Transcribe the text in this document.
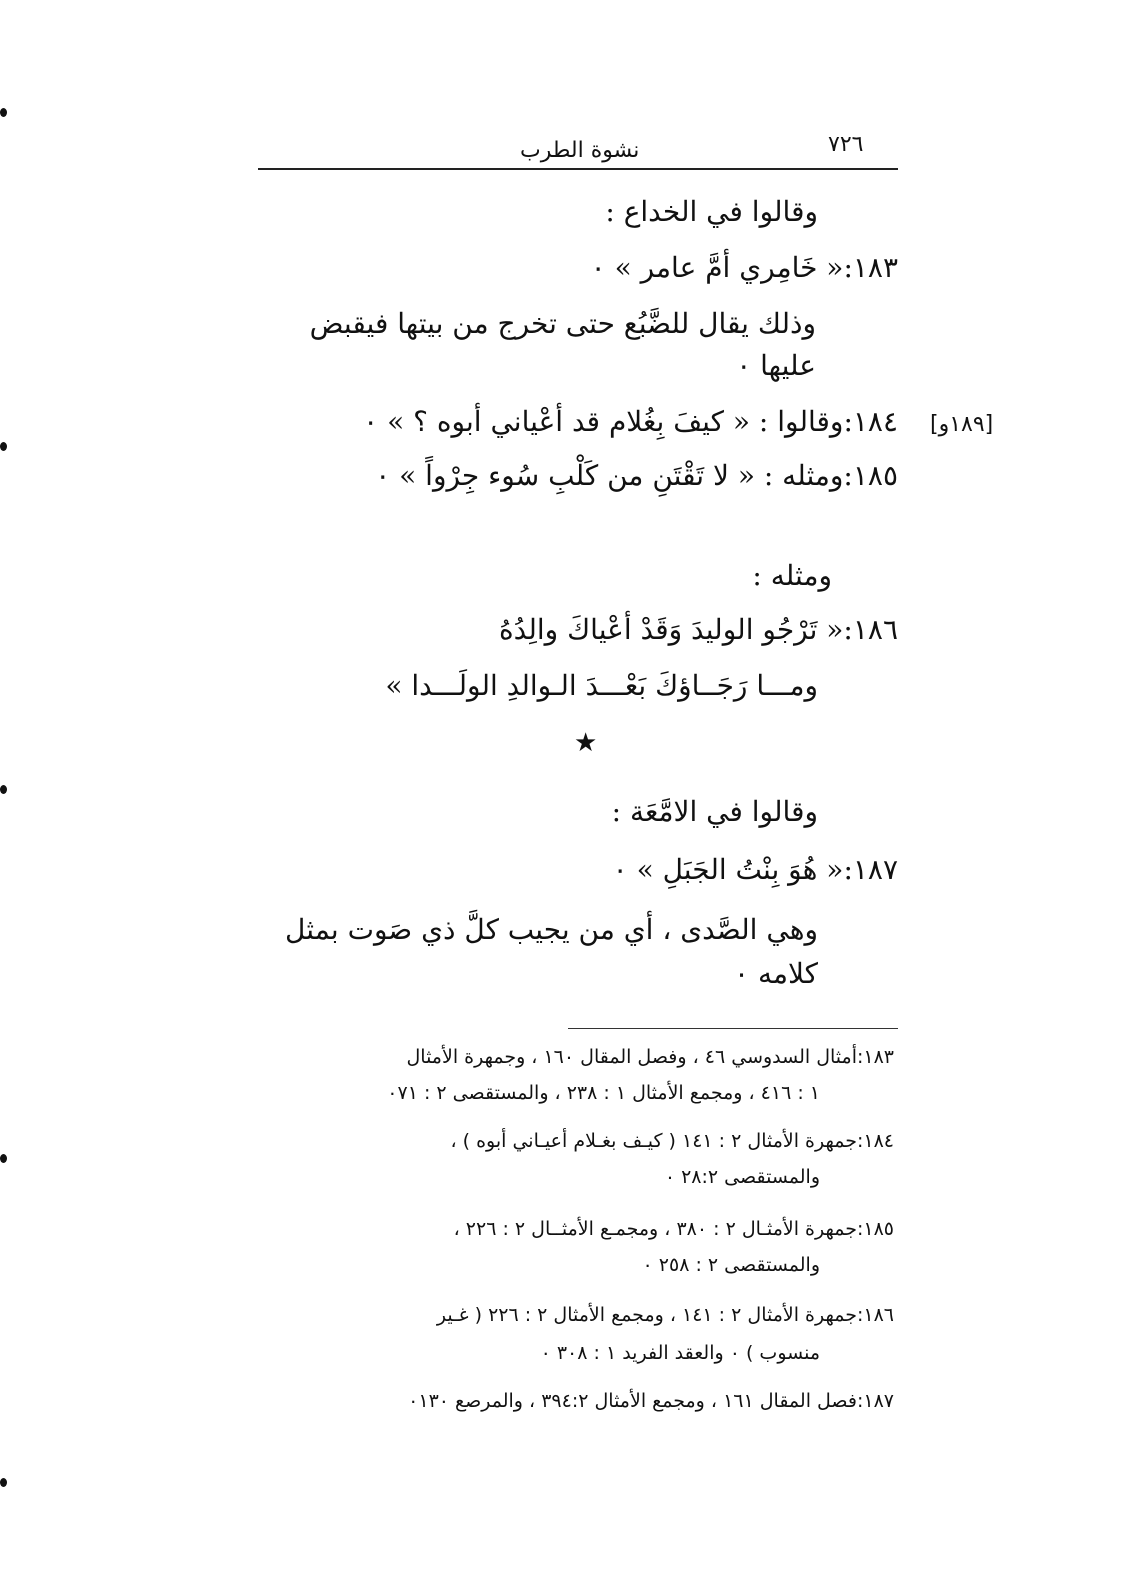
٧٢٦
نشوة الطرب
[١٨٩و]
وقالوا في الخداع :
١٨٣:« خَامِري أمَّ عامر » ٠
وذلك يقال للضَّبُع حتى تخرج من بيتها فيقبض
عليها ٠
١٨٤:وقالوا : « كيفَ بِغُلام قد أعْياني أبوه ؟ » ٠
١٨٥:ومثله : « لا تَقْتَنِ من كَلْبِ سُوء جِرْواً » ٠
ومثله :
١٨٦:« تَرْجُو الوليدَ وَقَدْ أعْياكَ والِدُهُ
ومـــا رَجَــاؤكَ بَعْـــدَ الـوالدِ الولَـــدا »
★
وقالوا في الامَّعَة :
١٨٧:« هُوَ بِنْتُ الجَبَلِ » ٠
وهي الصَّدى ، أي من يجيب كلَّ ذي صَوت بمثل
كلامه ٠
١٨٣:أمثال السدوسي ٤٦ ، وفصل المقال ١٦٠ ، وجمهرة الأمثال
١ : ٤١٦ ، ومجمع الأمثال ١ : ٢٣٨ ، والمستقصى ٢ : ٠٧١
١٨٤:جمهرة الأمثال ٢ : ١٤١ ( كيـف بغـلام أعيـاني أبوه ) ،
والمستقصى ٢٨:٢ ٠
١٨٥:جمهرة الأمثـال ٢ : ٣٨٠ ، ومجمـع الأمثــال ٢ : ٢٢٦ ،
والمستقصى ٢ : ٢٥٨ ٠
١٨٦:جمهرة الأمثال ٢ : ١٤١ ، ومجمع الأمثال ٢ : ٢٢٦ ( غـير
منسوب ) ٠ والعقد الفريد ١ : ٣٠٨ ٠
١٨٧:فصل المقال ١٦١ ، ومجمع الأمثال ٣٩٤:٢ ، والمرصع ٠١٣٠
